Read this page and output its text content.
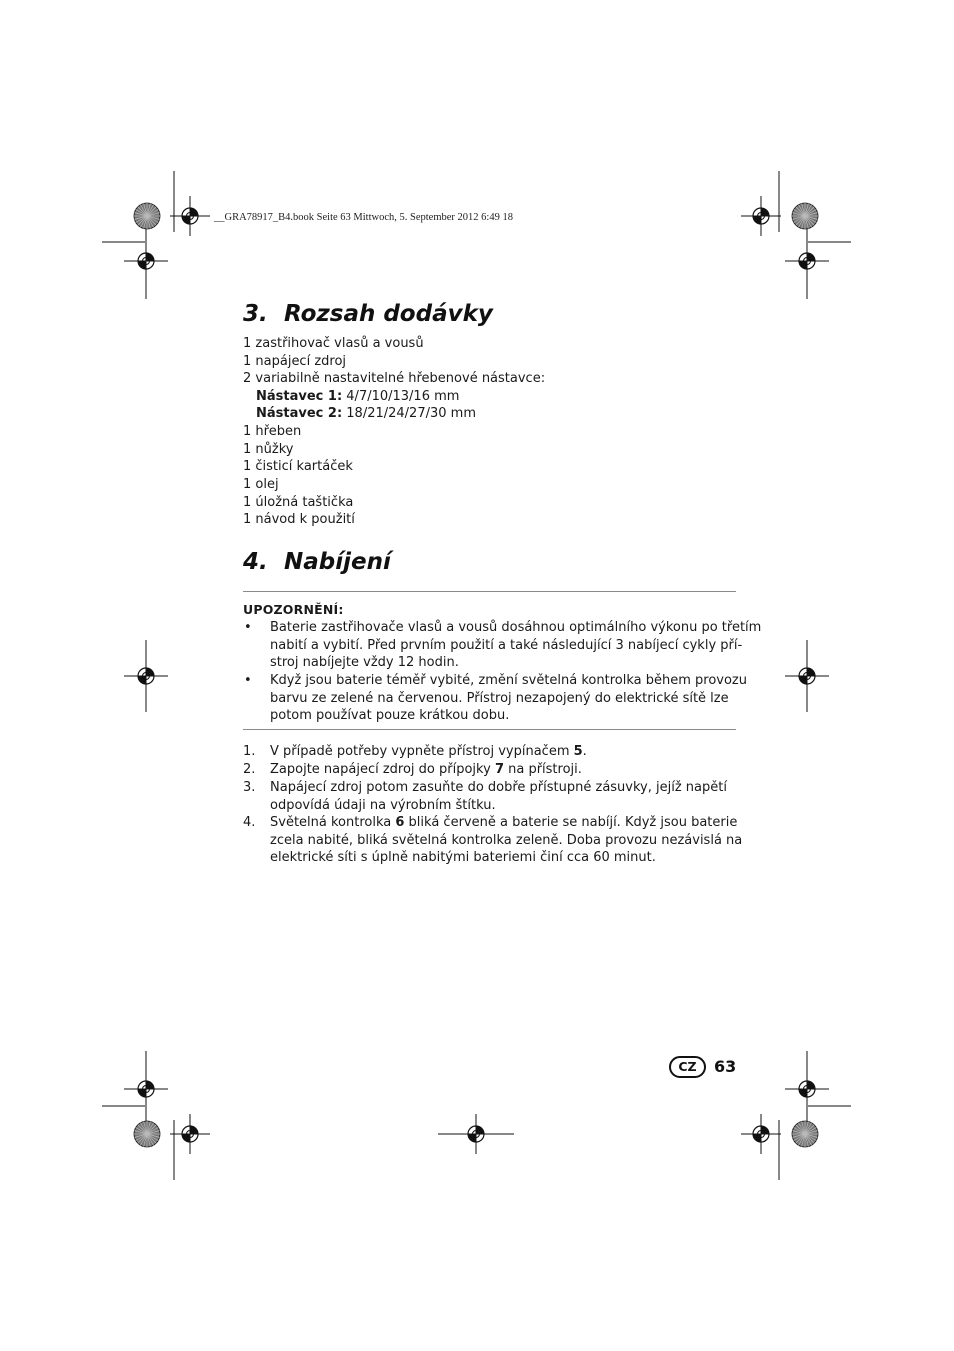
__GRA78917_B4.book Seite 63 Mittwoch, 5. September 2012 6:49 18
3. Rozsah dodávky
1 zastřihovač vlasů a vousů
1 napájecí zdroj
2 variabilně nastavitelné hřebenové nástavce:
Nástavec 1: 4/7/10/13/16 mm
Nástavec 2: 18/21/24/27/30 mm
1 hřeben
1 nůžky
1 čisticí kartáček
1 olej
1 úložná taštička
1 návod k použití
4. Nabíjení
UPOZORNĚNÍ:
• Baterie zastřihovače vlasů a vousů dosáhnou optimálního výkonu po třetím
nabití a vybití. Před prvním použití a také následující 3 nabíjecí cykly pří-
stroj nabíjejte vždy 12 hodin.
• Když jsou baterie téměř vybité, změní světelná kontrolka během provozu
barvu ze zelené na červenou. Přístroj nezapojený do elektrické sítě lze
potom používat pouze krátkou dobu.
1. V případě potřeby vypněte přístroj vypínačem 5.
2. Zapojte napájecí zdroj do přípojky 7 na přístroji.
3. Napájecí zdroj potom zasuňte do dobře přístupné zásuvky, jejíž napětí
odpovídá údaji na výrobním štítku.
4. Světelná kontrolka 6 bliká červeně a baterie se nabíjí. Když jsou baterie
zcela nabité, bliká světelná kontrolka zeleně. Doba provozu nezávislá na
elektrické síti s úplně nabitými bateriemi činí cca 60 minut.
CZ	63
